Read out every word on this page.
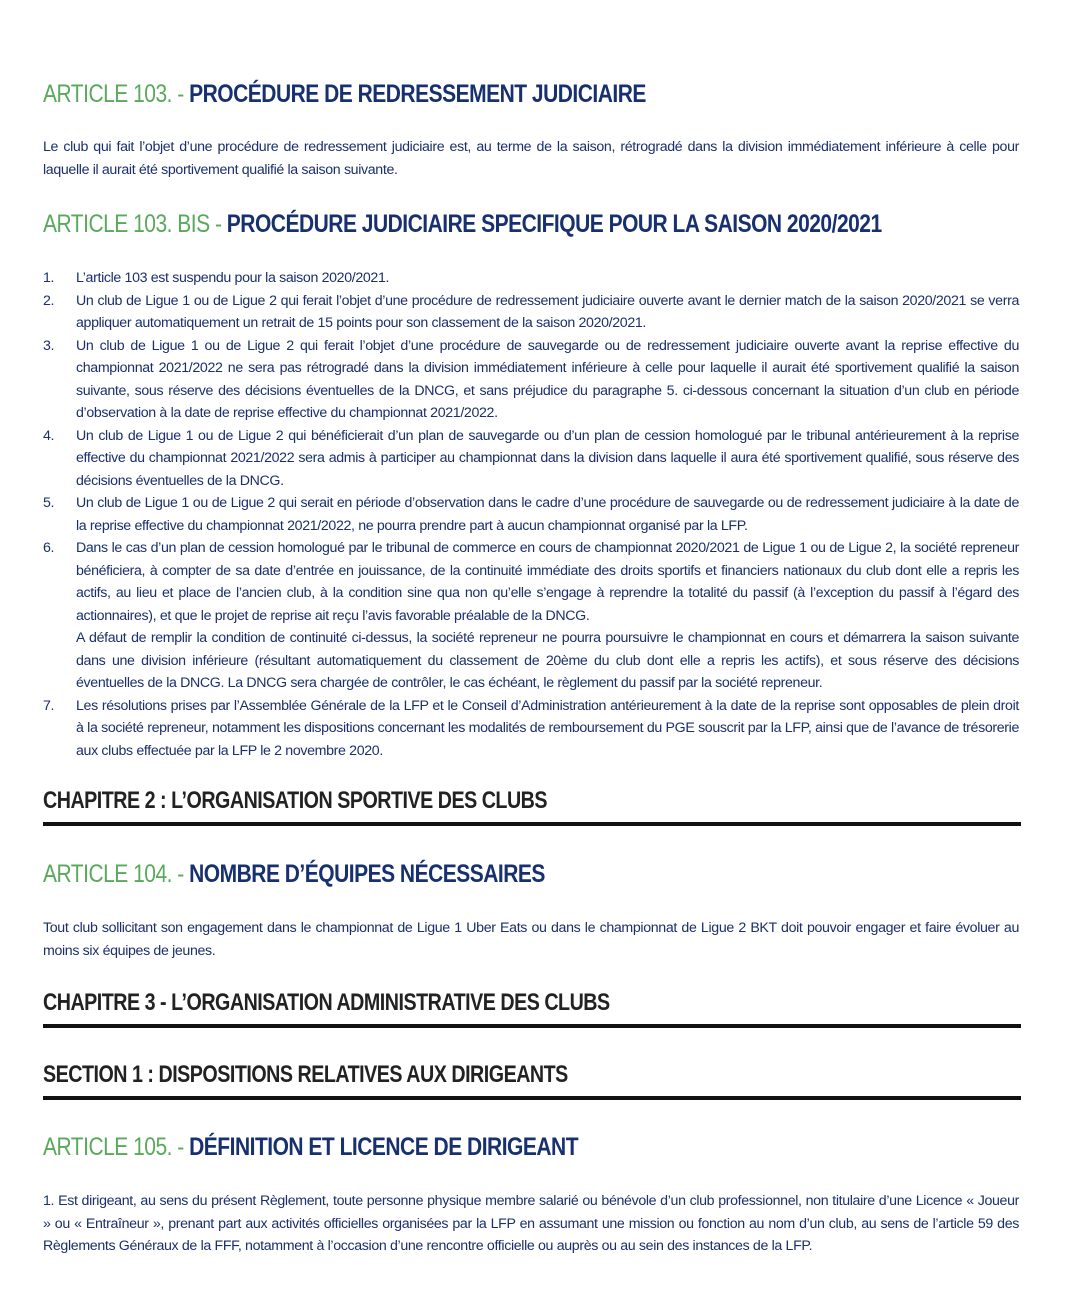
ARTICLE 103. - PROCÉDURE DE REDRESSEMENT JUDICIAIRE
Le club qui fait l’objet d’une procédure de redressement judiciaire est, au terme de la saison, rétrogradé dans la division immédiatement inférieure à celle pour laquelle il aurait été sportivement qualifié la saison suivante.
ARTICLE 103. BIS - PROCÉDURE JUDICIAIRE SPECIFIQUE POUR LA SAISON 2020/2021
1. L’article 103 est suspendu pour la saison 2020/2021.
2. Un club de Ligue 1 ou de Ligue 2 qui ferait l’objet d’une procédure de redressement judiciaire ouverte avant le dernier match de la saison 2020/2021 se verra appliquer automatiquement un retrait de 15 points pour son classement de la saison 2020/2021.
3. Un club de Ligue 1 ou de Ligue 2 qui ferait l’objet d’une procédure de sauvegarde ou de redressement judiciaire ouverte avant la reprise effective du championnat 2021/2022 ne sera pas rétrogradé dans la division immédiatement inférieure à celle pour laquelle il aurait été sportivement qualifié la saison suivante, sous réserve des décisions éventuelles de la DNCG, et sans préjudice du paragraphe 5. ci-dessous concernant la situation d’un club en période d’observation à la date de reprise effective du championnat 2021/2022.
4. Un club de Ligue 1 ou de Ligue 2 qui bénéficierait d’un plan de sauvegarde ou d’un plan de cession homologué par le tribunal antérieurement à la reprise effective du championnat 2021/2022 sera admis à participer au championnat dans la division dans laquelle il aura été sportivement qualifié, sous réserve des décisions éventuelles de la DNCG.
5. Un club de Ligue 1 ou de Ligue 2 qui serait en période d’observation dans le cadre d’une procédure de sauvegarde ou de redressement judiciaire à la date de la reprise effective du championnat 2021/2022, ne pourra prendre part à aucun championnat organisé par la LFP.
6. Dans le cas d’un plan de cession homologué par le tribunal de commerce en cours de championnat 2020/2021 de Ligue 1 ou de Ligue 2, la société repreneur bénéficiera, à compter de sa date d’entrée en jouissance, de la continuité immédiate des droits sportifs et financiers nationaux du club dont elle a repris les actifs, au lieu et place de l’ancien club, à la condition sine qua non qu’elle s’engage à reprendre la totalité du passif (à l’exception du passif à l’égard des actionnaires), et que le projet de reprise ait reçu l’avis favorable préalable de la DNCG.
A défaut de remplir la condition de continuité ci-dessus, la société repreneur ne pourra poursuivre le championnat en cours et démarrera la saison suivante dans une division inférieure (résultant automatiquement du classement de 20ème du club dont elle a repris les actifs), et sous réserve des décisions éventuelles de la DNCG. La DNCG sera chargée de contrôler, le cas échéant, le règlement du passif par la société repreneur.
7. Les résolutions prises par l’Assemblée Générale de la LFP et le Conseil d’Administration antérieurement à la date de la reprise sont opposables de plein droit à la société repreneur, notamment les dispositions concernant les modalités de remboursement du PGE souscrit par la LFP, ainsi que de l’avance de trésorerie aux clubs effectuée par la LFP le 2 novembre 2020.
CHAPITRE 2 : L’ORGANISATION SPORTIVE DES CLUBS
ARTICLE 104. - NOMBRE D’ÉQUIPES NÉCESSAIRES
Tout club sollicitant son engagement dans le championnat de Ligue 1 Uber Eats ou dans le championnat de Ligue 2 BKT doit pouvoir engager et faire évoluer au moins six équipes de jeunes.
CHAPITRE 3 - L’ORGANISATION ADMINISTRATIVE DES CLUBS
SECTION 1 : DISPOSITIONS RELATIVES AUX DIRIGEANTS
ARTICLE 105. - DÉFINITION ET LICENCE DE DIRIGEANT
1. Est dirigeant, au sens du présent Règlement, toute personne physique membre salarié ou bénévole d’un club professionnel, non titulaire d’une Licence « Joueur » ou « Entraîneur », prenant part aux activités officielles organisées par la LFP en assumant une mission ou fonction au nom d’un club, au sens de l’article 59 des Règlements Généraux de la FFF, notamment à l’occasion d’une rencontre officielle ou auprès ou au sein des instances de la LFP.
